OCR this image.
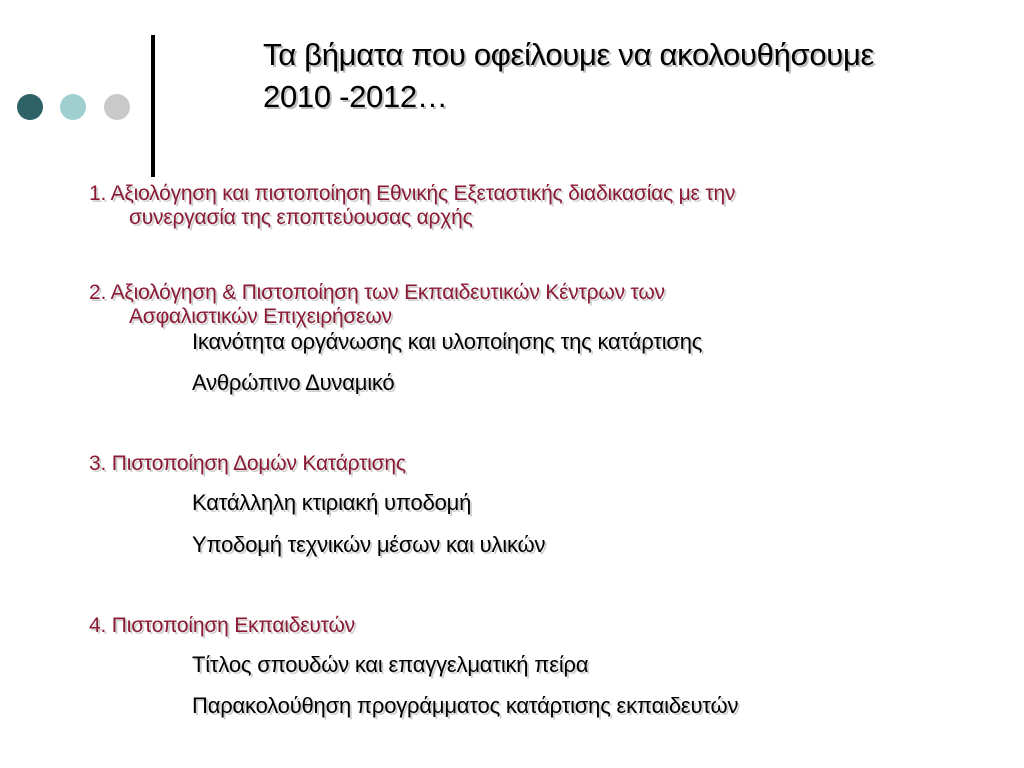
Τα βήματα που οφείλουμε να ακολουθήσουμε
2010 -2012…

1. Αξιολόγηση και πιστοποίηση Εθνικής Εξεταστικής διαδικασίας με την
συνεργασία της εποπτεύουσας αρχής

2. Αξιολόγηση & Πιστοποίηση των Εκπαιδευτικών Κέντρων των
Ασφαλιστικών Επιχειρήσεων

Ικανότητα οργάνωσης και υλοποίησης της κατάρτισης

Ανθρώπινο Δυναμικό

3. Πιστοποίηση Δομών Κατάρτισης

Κατάλληλη κτιριακή υποδομή

Υποδομή τεχνικών μέσων και υλικών

4. Πιστοποίηση Εκπαιδευτών

Τίτλος σπουδών και επαγγελματική πείρα

Παρακολούθηση προγράμματος κατάρτισης εκπαιδευτών
